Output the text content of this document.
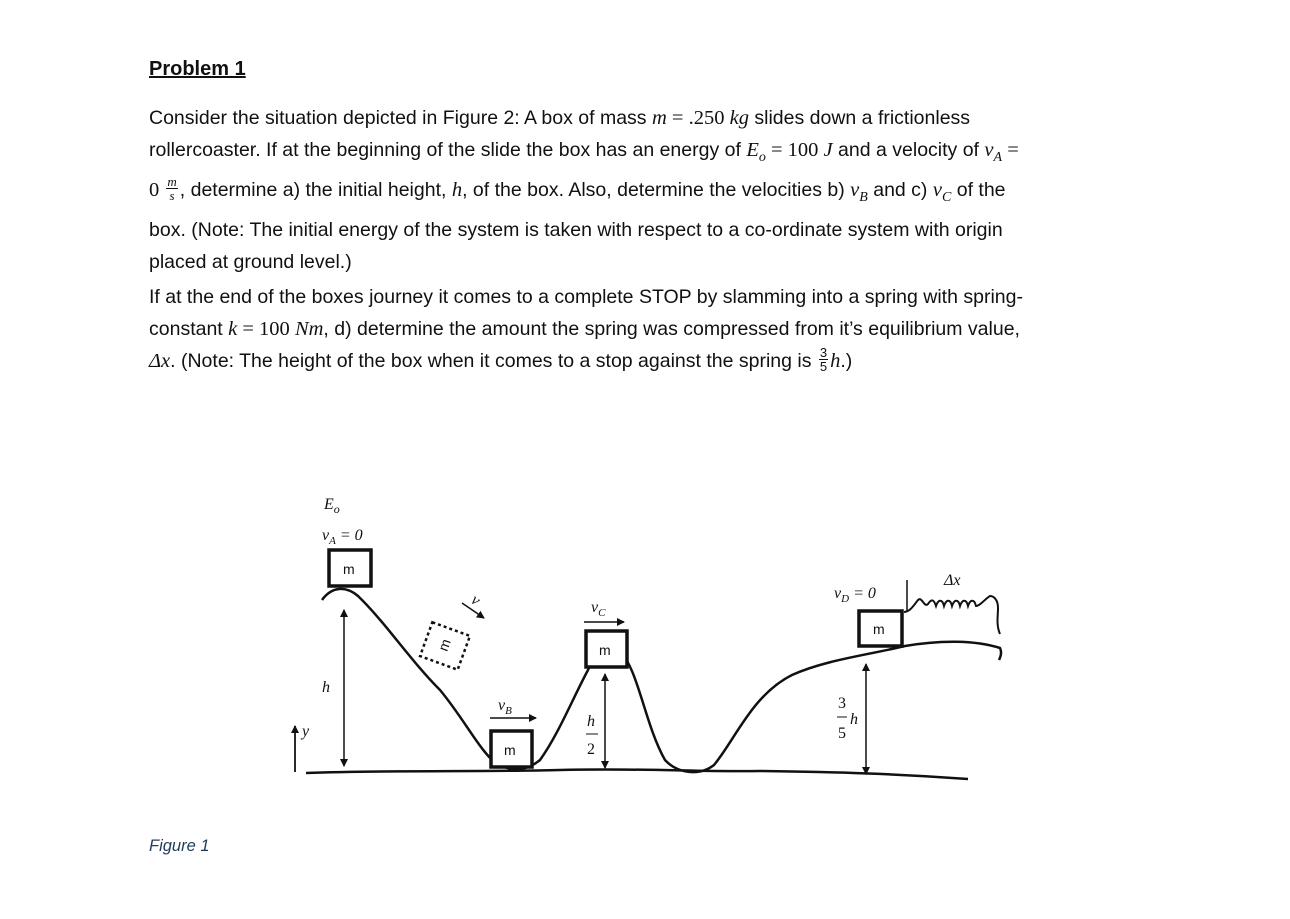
Problem 1
Consider the situation depicted in Figure 2: A box of mass m = .250 kg slides down a frictionless
rollercoaster. If at the beginning of the slide the box has an energy of $E_o = 100$ J and a velocity of $v_A$ =
$0 \frac{m}{s}$ , determine a) the initial height, h, of the box. Also, determine the velocities b) $v_B$ and c) $v_C$ of the
box. (Note: The initial energy of the system is taken with respect to a co-ordinate system with origin
placed at ground level.)
If at the end of the boxes journey it comes to a complete STOP by slamming into a spring with spring-
constant k = 100 Nm, d) determine the amount the spring was compressed from it’s equilibrium value,
Δx. (Note: The height of the box when it comes to a stop against the spring is $\frac{3}{5} h$.)
y
$E_o$
$v_A = 0$
m
h
m
v
$v_B$
m
$v_C$
m
h
2
$v_D = 0$
m
3
5
h
Δx
Figure 1
